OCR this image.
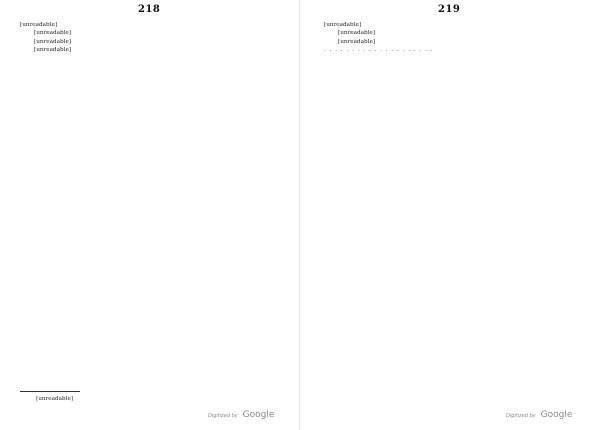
218

[unreadable]

[unreadable]

[unreadable]

[unreadable]

[unreadable]
Digitized by Google
219

[unreadable]

[unreadable]

[unreadable]

. . . . . . . . . . . . . . . . . . . .

Digitized by Google
